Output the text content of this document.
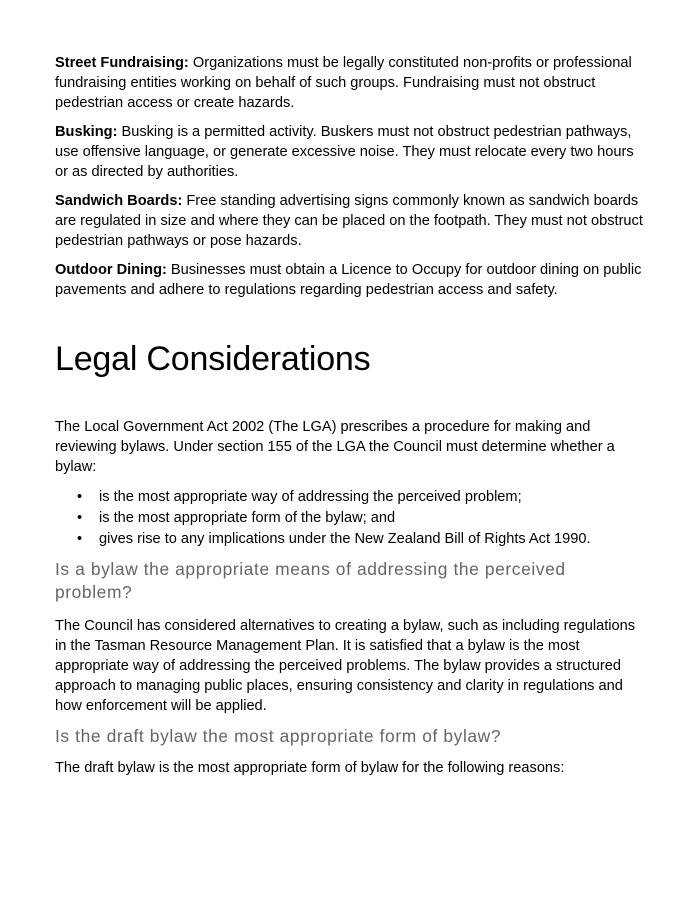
Street Fundraising: Organizations must be legally constituted non-profits or professional fundraising entities working on behalf of such groups. Fundraising must not obstruct pedestrian access or create hazards.

Busking: Busking is a permitted activity. Buskers must not obstruct pedestrian pathways, use offensive language, or generate excessive noise. They must relocate every two hours or as directed by authorities.

Sandwich Boards: Free standing advertising signs commonly known as sandwich boards are regulated in size and where they can be placed on the footpath. They must not obstruct pedestrian pathways or pose hazards.

Outdoor Dining: Businesses must obtain a Licence to Occupy for outdoor dining on public pavements and adhere to regulations regarding pedestrian access and safety.

Legal Considerations

The Local Government Act 2002 (The LGA) prescribes a procedure for making and reviewing bylaws. Under section 155 of the LGA the Council must determine whether a bylaw:

• is the most appropriate way of addressing the perceived problem;
• is the most appropriate form of the bylaw; and
• gives rise to any implications under the New Zealand Bill of Rights Act 1990.
Is a bylaw the appropriate means of addressing the perceived problem?

The Council has considered alternatives to creating a bylaw, such as including regulations in the Tasman Resource Management Plan. It is satisfied that a bylaw is the most appropriate way of addressing the perceived problems. The bylaw provides a structured approach to managing public places, ensuring consistency and clarity in regulations and how enforcement will be applied.

Is the draft bylaw the most appropriate form of bylaw?

The draft bylaw is the most appropriate form of bylaw for the following reasons:
